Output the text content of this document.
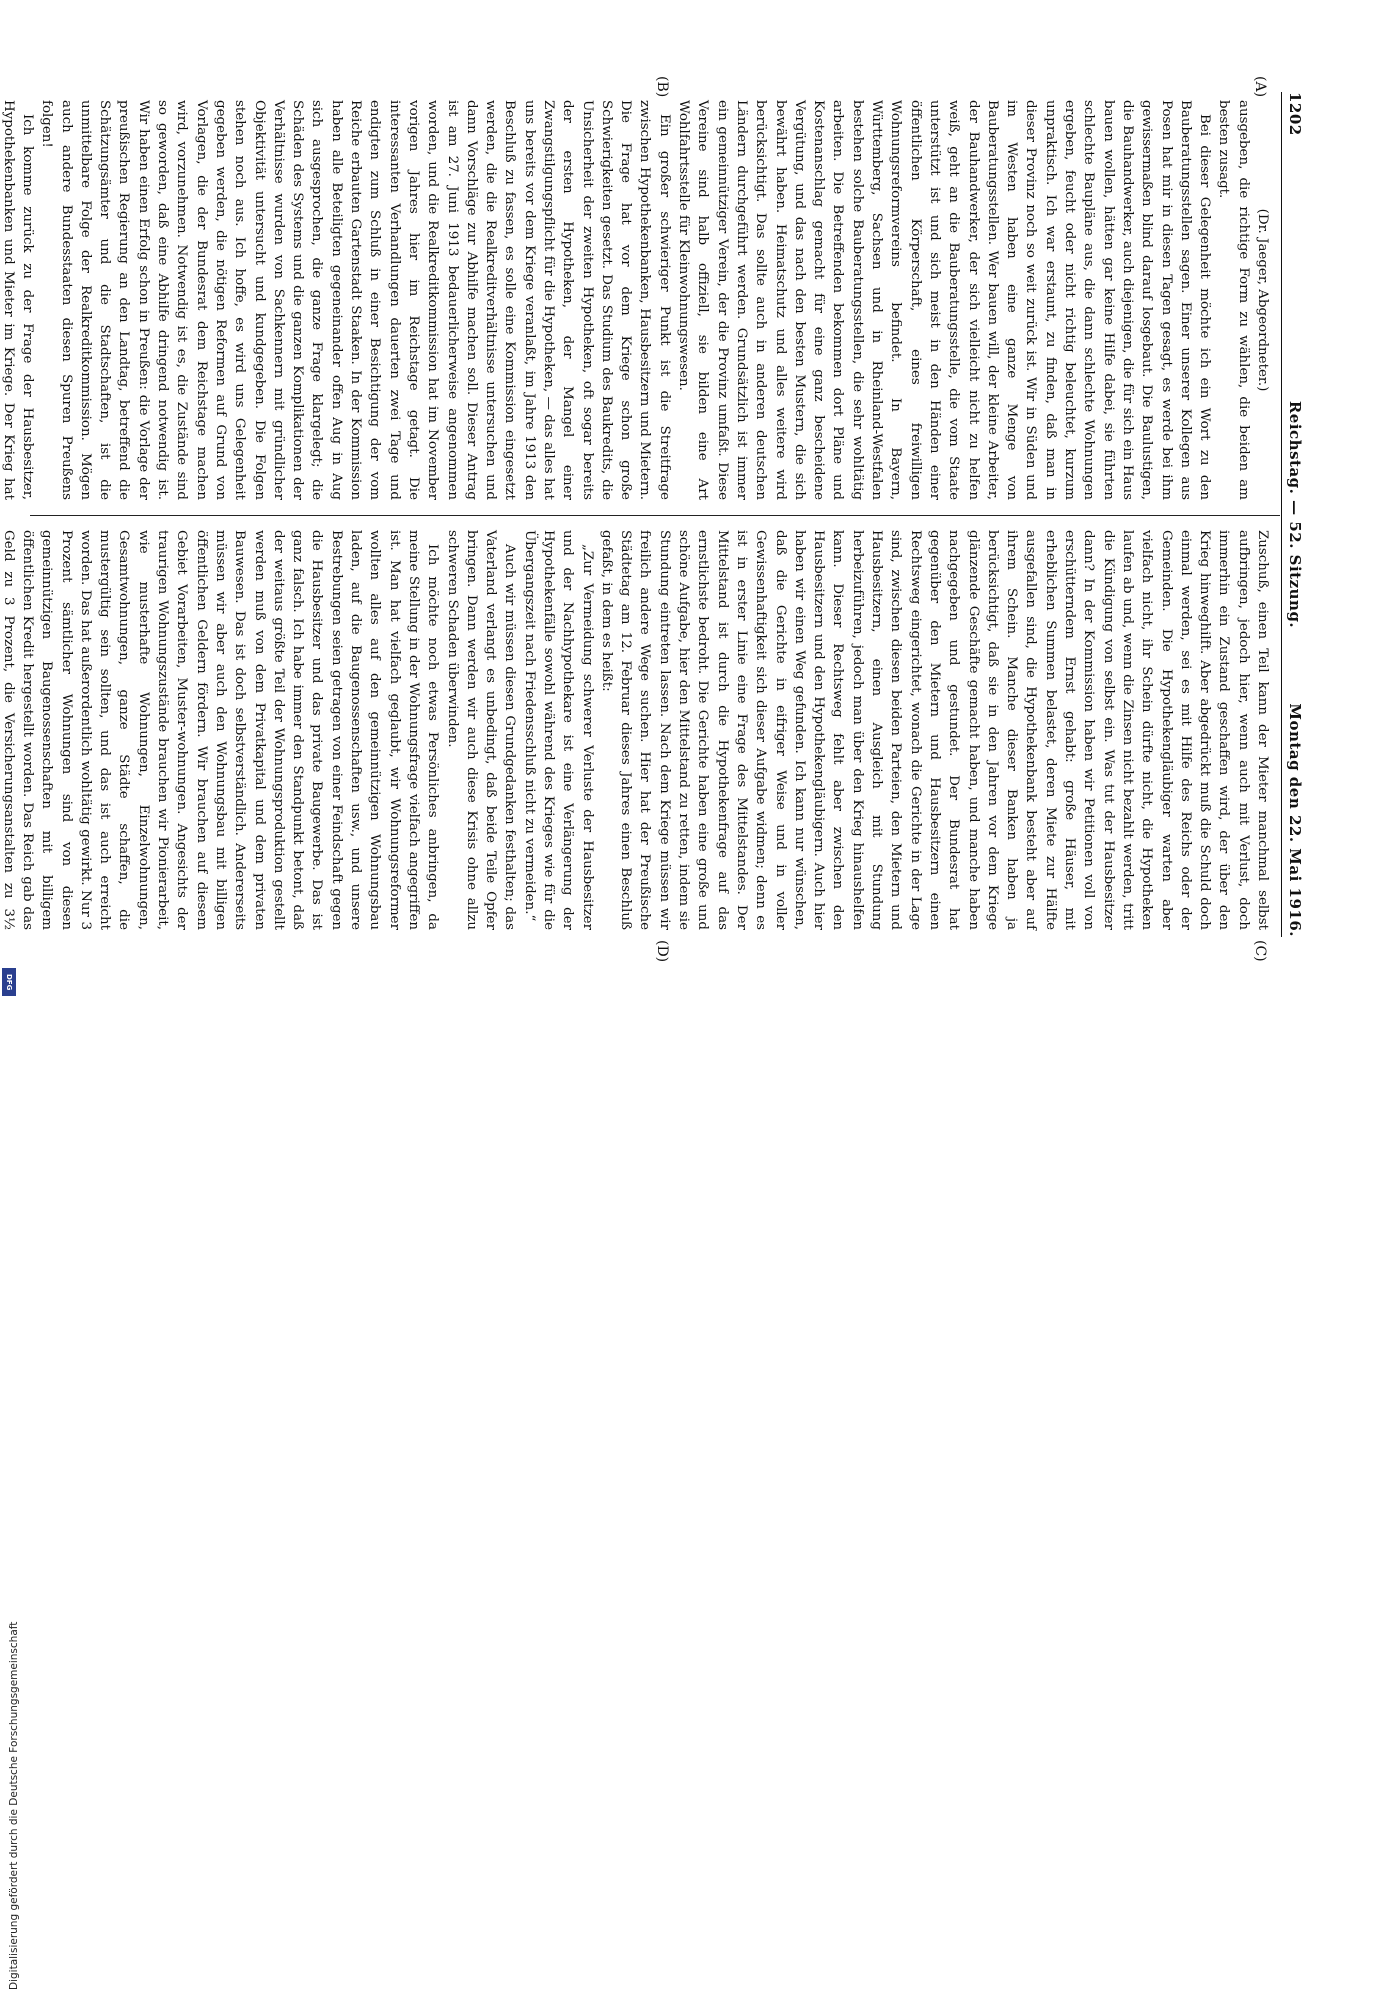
1202
Reichstag. — 52. Sitzung.
Montag den 22. Mai 1916.
(A)
(B)
(C)
(D)

(Dr. Jaeger, Abgeordneter.)

ausgeben, die richtige Form zu wählen, die beiden am besten zusagt.

Bei dieser Gelegenheit möchte ich ein Wort zu den Bauberatungsstellen sagen. Einer unserer Kollegen aus Posen hat mir in diesen Tagen gesagt, es werde bei ihm gewissermaßen blind darauf losgebaut. Die Baulustigen, die Bauhandwerker, auch diejenigen, die für sich ein Haus bauen wollen, hätten gar keine Hilfe dabei, sie führten schlechte Baupläne aus, die dann schlechte Wohnungen ergeben, feucht oder nicht richtig beleuchtet, kurzum unpraktisch. Ich war erstaunt, zu finden, daß man in dieser Provinz noch so weit zurück ist. Wir in Süden und im Westen haben eine ganze Menge von Bauberatungsstellen. Wer bauen will, der kleine Arbeiter, der Bauhandwerker, der sich vielleicht nicht zu helfen weiß, geht an die Bauberatungsstelle, die vom Staate unterstützt ist und sich meist in den Händen einer öffentlichen Körperschaft, eines freiwilligen Wohnungsreformvereins befindet. In Bayern, Württemberg, Sachsen und in Rheinland-Westfalen bestehen solche Bauberatungsstellen, die sehr wohltätig arbeiten. Die Betreffenden bekommen dort Pläne und Kostenanschlag gemacht für eine ganz bescheidene Vergütung, und das nach den besten Mustern, die sich bewährt haben. Heimatschutz und alles weitere wird berücksichtigt. Das sollte auch in anderen deutschen Ländern durchgeführt werden. Grundsätzlich ist immer ein gemeinnütziger Verein, der die Provinz umfaßt. Diese Vereine sind halb offiziell, sie bilden eine Art Wohlfahrtsstelle für Kleinwohnungswesen.

Ein großer schwieriger Punkt ist die Streitfrage zwischen Hypothekenbanken, Hausbesitzern und Mietern. Die Frage hat vor dem Kriege schon große Schwierigkeiten gesetzt. Das Studium des Baukredits, die Unsicherheit der zweiten Hypotheken, oft sogar bereits der ersten Hypotheken, der Mangel einer Zwangstilgungspflicht für die Hypotheken, — das alles hat uns bereits vor dem Kriege veranlaßt, im Jahre 1913 den Beschluß zu fassen, es solle eine Kommission eingesetzt werden, die die Realkreditverhältnisse untersuchen und dann Vorschläge zur Abhilfe machen soll. Dieser Antrag ist am 27. Juni 1913 bedauerlicherweise angenommen worden, und die Realkreditkommission hat im November vorigen Jahres hier im Reichstage getagt. Die interessanten Verhandlungen dauerten zwei Tage und endigten zum Schluß in einer Besichtigung der vom Reiche erbauten Gartenstadt Staaken. In der Kommission haben alle Beteiligten gegeneinander offen Aug in Aug sich ausgesprochen, die ganze Frage klargelegt; die Schäden des Systems und die ganzen Komplikationen der Verhältnisse wurden von Sachkennern mit gründlicher Objektivität untersucht und kundgegeben. Die Folgen stehen noch aus. Ich hoffe, es wird uns Gelegenheit gegeben werden, die nötigen Reformen auf Grund von Vorlagen, die der Bundesrat dem Reichstage machen wird, vorzunehmen. Notwendig ist es, die Zustände sind so geworden, daß eine Abhilfe dringend notwendig ist. Wir haben einen Erfolg schon in Preußen: die Vorlage der preußischen Regierung an den Landtag, betreffend die Schätzungsämter und die Stadtschaften, ist die unmittelbare Folge der Realkreditkommission. Mögen auch andere Bundesstaaten diesen Spuren Preußens folgen!

Ich komme zurück zu der Frage der Hausbesitzer, Hypothekenbanken und Mieter im Kriege. Der Krieg hat

Zuschuß, einen Teil kann der Mieter manchmal selbst aufbringen, jedoch hier, wenn auch mit Verlust, doch immerhin ein Zustand geschaffen wird, der über den Krieg hinweghilft. Aber abgedrückt muß die Schuld doch einmal werden, sei es mit Hilfe des Reichs oder der Gemeinden. Die Hypothekengläubiger warten aber vielfach nicht, ihr Schein dürfte nicht, die Hypotheken laufen ab und, wenn die Zinsen nicht bezahlt werden, tritt die Kündigung von selbst ein. Was tut der Hausbesitzer dann? In der Kommission haben wir Petitionen voll von erschütterndem Ernst gehabt: große Häuser, mit erheblichen Summen belastet, deren Miete zur Hälfte ausgefallen sind, die Hypothekenbank besteht aber auf ihrem Schein. Manche dieser Banken haben ja berücksichtigt, daß sie in den Jahren vor dem Kriege glänzende Geschäfte gemacht haben, und manche haben nachgegeben und gestundet. Der Bundesrat hat gegenüber den Mietern und Hausbesitzern einen Rechtsweg eingerichtet, wonach die Gerichte in der Lage sind, zwischen diesen beiden Parteien, den Mietern und Hausbesitzern, einen Ausgleich mit Stundung herbeizuführen, jedoch man über den Krieg hinaushelfen kann. Dieser Rechtsweg fehlt aber zwischen den Hausbesitzern und den Hypothekengläubigern. Auch hier haben wir einen Weg gefunden. Ich kann nur wünschen, daß die Gerichte in eifriger Weise und in voller Gewissenhaftigkeit sich dieser Aufgabe widmen; denn es ist in erster Linie eine Frage des Mittelstandes. Der Mittelstand ist durch die Hypothekenfrage auf das ernstlichste bedroht. Die Gerichte haben eine große und schöne Aufgabe, hier den Mittelstand zu retten, indem sie Stundung eintreten lassen. Nach dem Kriege müssen wir freilich andere Wege suchen. Hier hat der Preußische Städtetag am 12. Februar dieses Jahres einen Beschluß gefaßt, in dem es heißt:

„Zur Vermeidung schwerer Verluste der Hausbesitzer und der Nachhypothekare ist eine Verlängerung der Hypothekenfälle sowohl während des Krieges wie für die Übergangszeit nach Friedensschluß nicht zu vermeiden.“

Auch wir müssen diesen Grundgedanken festhalten; das Vaterland verlangt es unbedingt, daß beide Teile Opfer bringen. Dann werden wir auch diese Krisis ohne allzu schweren Schaden überwinden.

Ich möchte noch etwas Persönliches anbringen, da meine Stellung in der Wohnungsfrage vielfach angegriffen ist. Man hat vielfach geglaubt, wir Wohnungsreformer wollten alles auf den gemeinnützigen Wohnungsbau laden, auf die Baugenossenschaften usw., und unsere Bestrebungen seien getragen von einer Feindschaft gegen die Hausbesitzer und das private Baugewerbe. Das ist ganz falsch. Ich habe immer den Standpunkt betont, daß der weitaus größte Teil der Wohnungsproduktion gestellt werden muß von dem Privatkapital und dem privaten Bauwesen. Das ist doch selbstverständlich. Andererseits müssen wir aber auch den Wohnungsbau mit billigen öffentlichen Geldern fördern. Wir brauchen auf diesem Gebiet Vorarbeiten, Muster-wohnungen. Angesichts der traurigen Wohnungszustände brauchen wir Pionierarbeit, wie musterhafte Wohnungen, Einzelwohnungen, Gesamtwohnungen, ganze Städte schaffen, die mustergültig sein sollten, und das ist auch erreicht worden. Das hat außerordentlich wohltätig gewirkt. Nur 3 Prozent sämtlicher Wohnungen sind von diesen gemeinnützigen Baugenossenschaften mit billigem öffentlichen Kredit hergestellt worden. Das Reich gab das Geld zu 3 Prozent, die Versicherungsanstalten zu 3½

Digitalisierung gefördert durch die Deutsche Forschungsgemeinschaft
DFG
